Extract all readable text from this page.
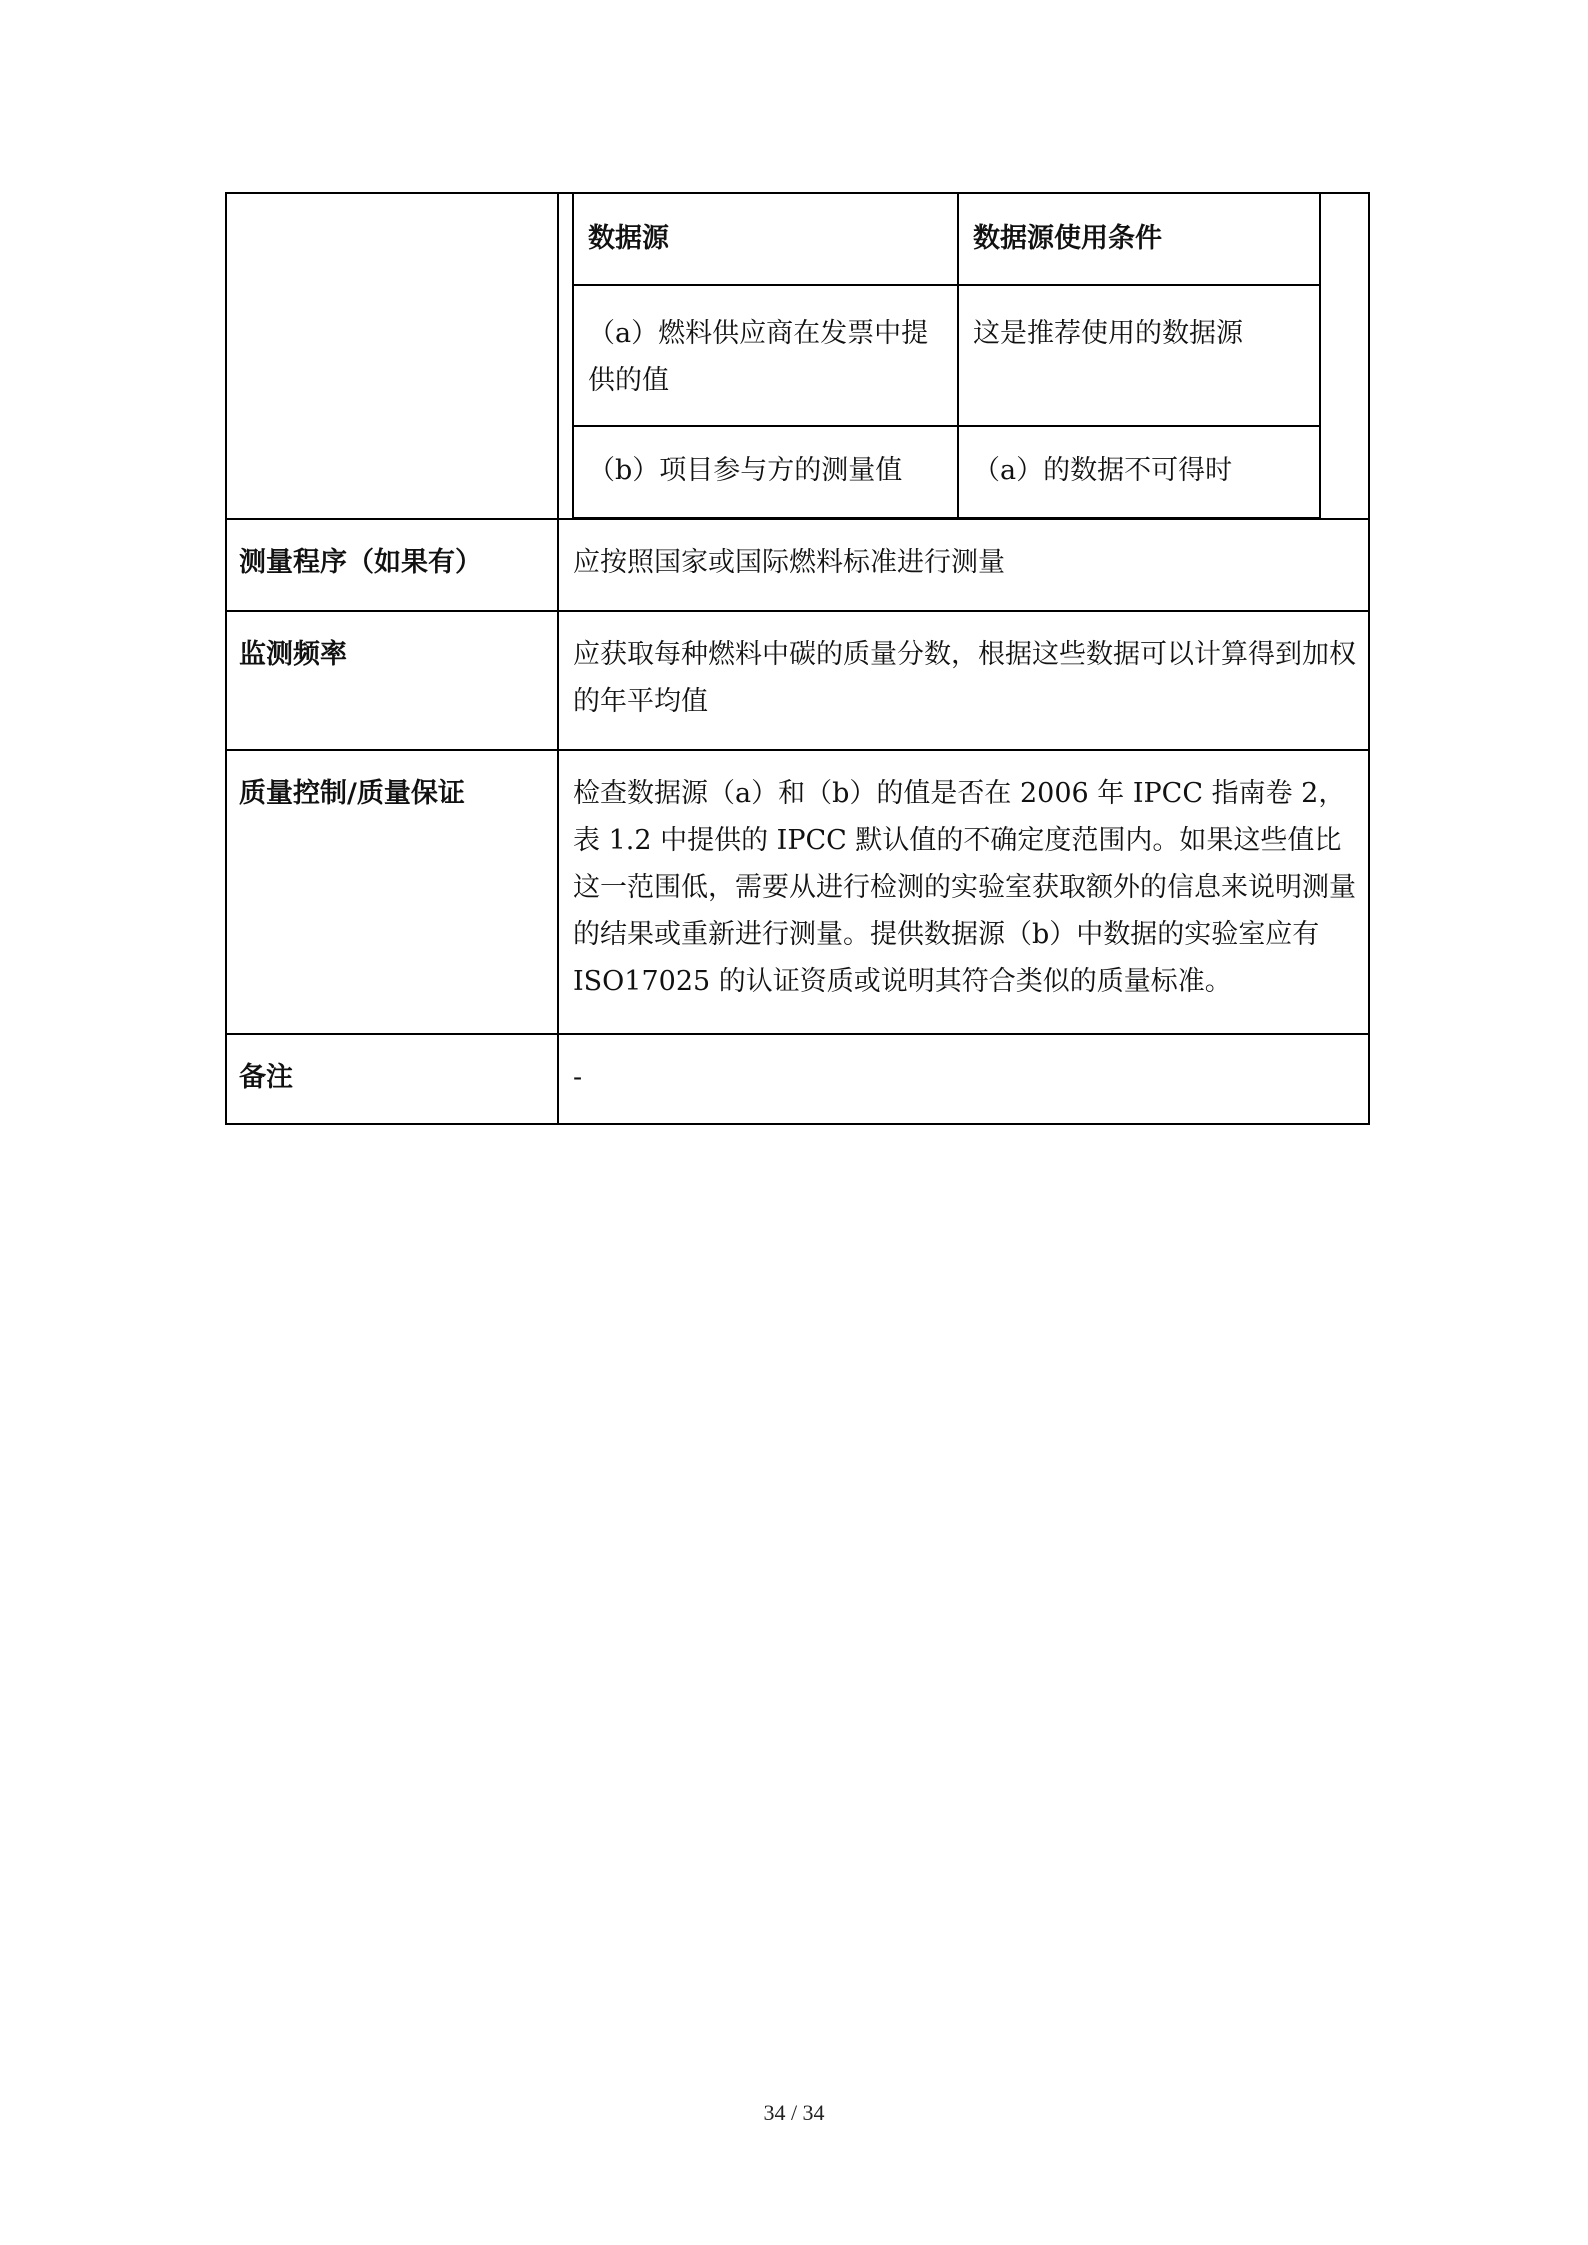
数据源	数据源使用条件
（a）燃料供应商在发票中提供的值	这是推荐使用的数据源
（b）项目参与方的测量值	（a）的数据不可得时

测量程序（如果有）	应按照国家或国际燃料标准进行测量
监测频率	应获取每种燃料中碳的质量分数，根据这些数据可以计算得到加权的年平均值
质量控制/质量保证	检查数据源（a）和（b）的值是否在 2006 年 IPCC 指南卷 2，表 1.2 中提供的 IPCC 默认值的不确定度范围内。如果这些值比这一范围低，需要从进行检测的实验室获取额外的信息来说明测量的结果或重新进行测量。提供数据源（b）中数据的实验室应有 ISO17025 的认证资质或说明其符合类似的质量标准。
备注	-
34 / 34
